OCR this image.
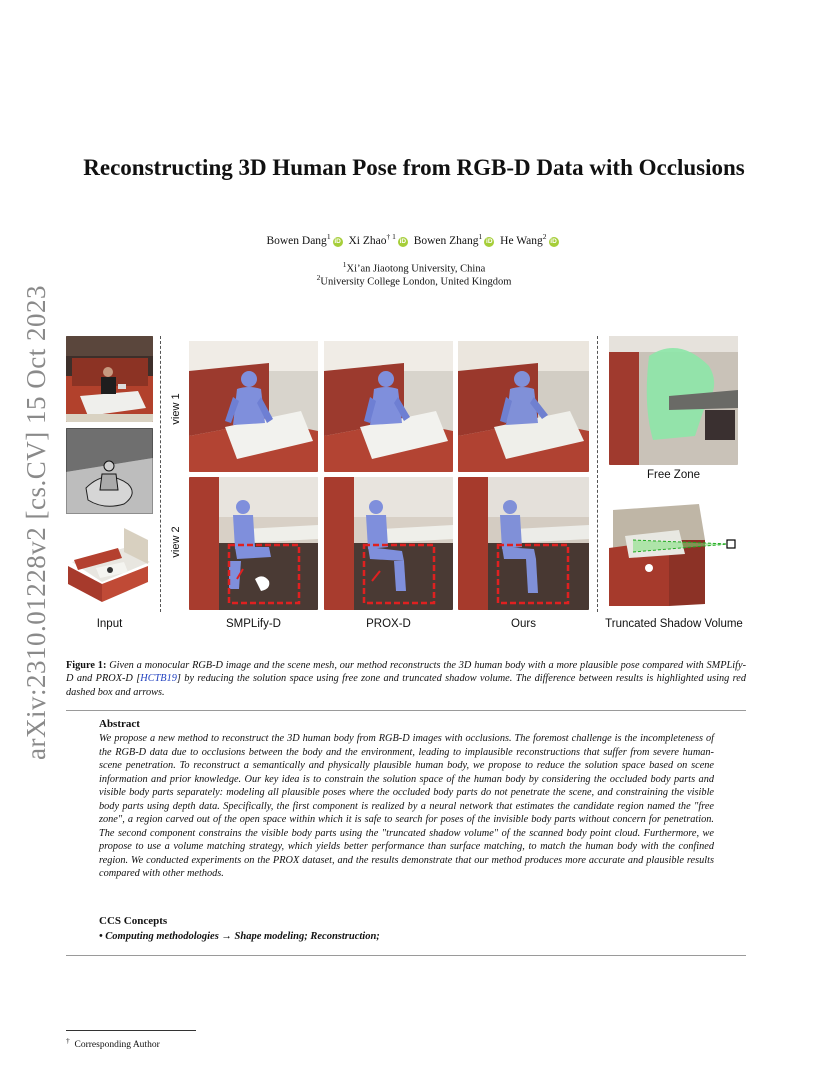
arXiv:2310.01228v2 [cs.CV] 15 Oct 2023
Reconstructing 3D Human Pose from RGB-D Data with Occlusions
Bowen Dang$^1$iD Xi Zhao$^{\dagger 1}$iD Bowen Zhang$^1$iD He Wang$^2$iD
$^1$Xi’an Jiaotong University, China
$^2$University College London, United Kingdom
view 1
view 2
Free Zone
Input	SMPLify-D	PROX-D	Ours	Truncated Shadow Volume
Figure 1: Given a monocular RGB-D image and the scene mesh, our method reconstructs the 3D human body with a more plausible pose compared with SMPLify-D and PROX-D [HCTB19] by reducing the solution space using free zone and truncated shadow volume. The difference between results is highlighted using red dashed box and arrows.
Abstract
We propose a new method to reconstruct the 3D human body from RGB-D images with occlusions. The foremost challenge is the incompleteness of the RGB-D data due to occlusions between the body and the environment, leading to implausible reconstructions that suffer from severe human-scene penetration. To reconstruct a semantically and physically plausible human body, we propose to reduce the solution space based on scene information and prior knowledge. Our key idea is to constrain the solution space of the human body by considering the occluded body parts and visible body parts separately: modeling all plausible poses where the occluded body parts do not penetrate the scene, and constraining the visible body parts using depth data. Specifically, the first component is realized by a neural network that estimates the candidate region named the "free zone", a region carved out of the open space within which it is safe to search for poses of the invisible body parts without concern for penetration. The second component constrains the visible body parts using the "truncated shadow volume" of the scanned body point cloud. Furthermore, we propose to use a volume matching strategy, which yields better performance than surface matching, to match the human body with the confined region. We conducted experiments on the PROX dataset, and the results demonstrate that our method produces more accurate and plausible results compared with other methods.
CCS Concepts
• Computing methodologies → Shape modeling; Reconstruction;
† Corresponding Author
